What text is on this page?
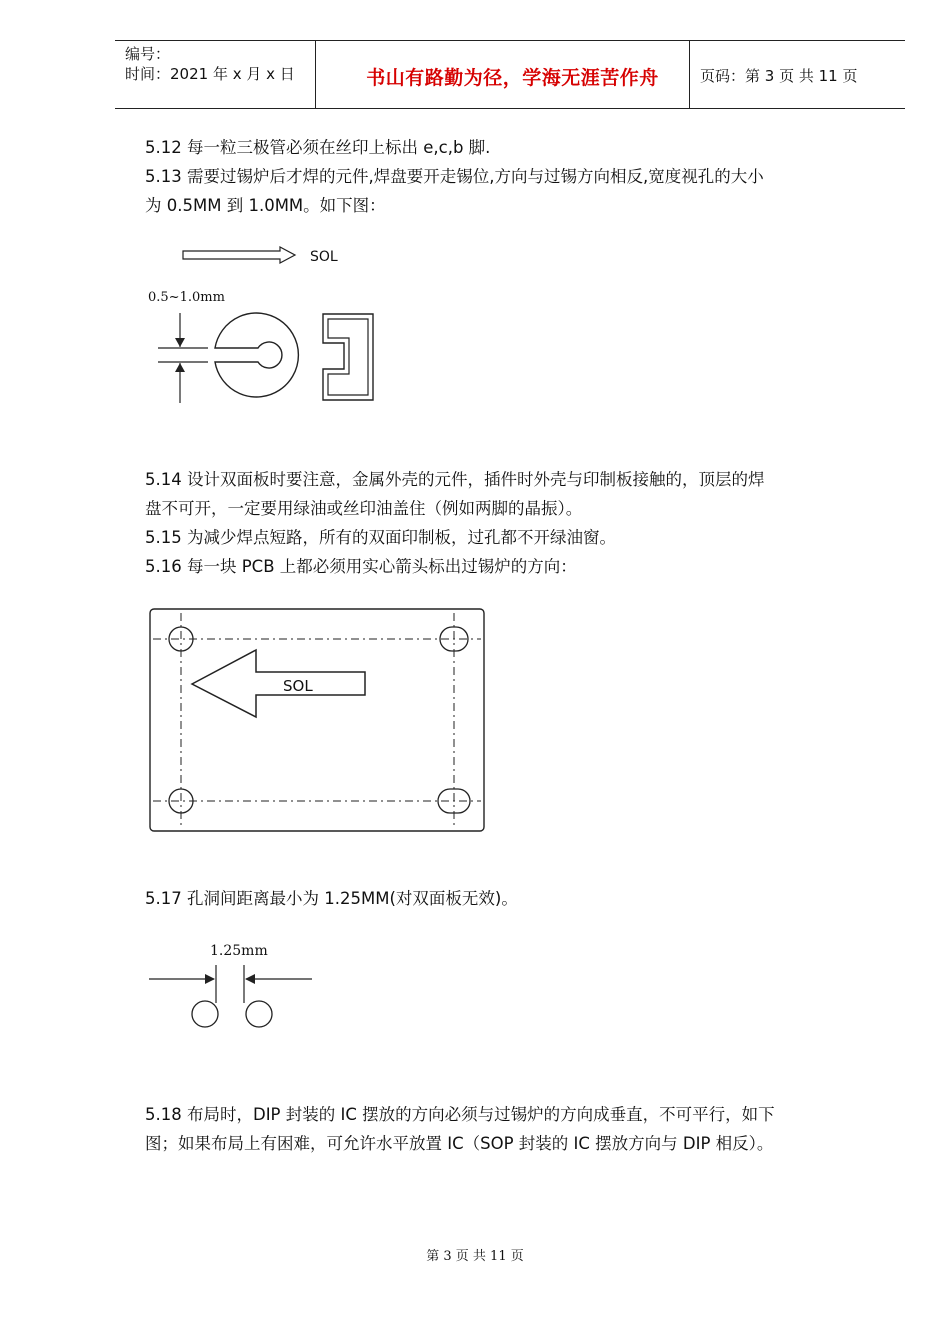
编号：
时间：2021 年 x 月 x 日	书山有路勤为径，学海无涯苦作舟	页码：第 3 页 共 11 页
5.12 每一粒三极管必须在丝印上标出 e,c,b 脚.
5.13 需要过锡炉后才焊的元件,焊盘要开走锡位,方向与过锡方向相反,宽度视孔的大小
为 0.5MM 到 1.0MM。如下图：
SOL
0.5~1.0mm
5.14 设计双面板时要注意，金属外壳的元件，插件时外壳与印制板接触的，顶层的焊
盘不可开，一定要用绿油或丝印油盖住（例如两脚的晶振）。
5.15 为减少焊点短路，所有的双面印制板，过孔都不开绿油窗。
5.16 每一块 PCB 上都必须用实心箭头标出过锡炉的方向：
SOL
5.17 孔洞间距离最小为 1.25MM(对双面板无效)。
1.25mm
5.18 布局时，DIP 封装的 IC 摆放的方向必须与过锡炉的方向成垂直，不可平行，如下
图；如果布局上有困难，可允许水平放置 IC（SOP 封装的 IC 摆放方向与 DIP 相反）。
第 3 页 共 11 页
